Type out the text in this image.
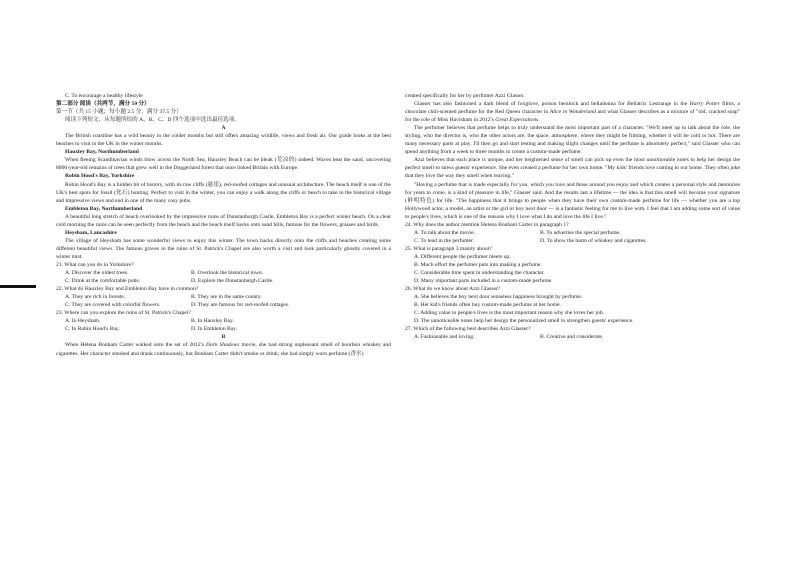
C. To encourage a healthy lifestyle
第二部分 阅读（共两节，满分 50 分）
第一节（共 15 小题；每小题 2.5 分，满分 37.5 分）
阅读下列短文，从每题所给的 A、B、C、D 四个选项中选出最佳选项。
A
The British coastline has a wild beauty in the colder months but still offers amazing wildlife, views and fresh air. Our guide looks at the best beaches to visit in the UK in the winter months.
Hauxley Bay, Northumberland
When fleeing Scandinavian winds blow across the North Sea, Hauxley Beach can be bleak (荒凉的) indeed. Waves beat the sand, uncovering 8000-year-old remains of trees that grew well in the Doggerland forest that once linked Britain with Europe.
Robin Hood's Bay, Yorkshire
Robin Hood's Bay is a hidden bit of history, with its raw cliffs (悬崖), red-roofed cottages and unusual architecture. The beach itself is one of the UK's best spots for fossil (化石) hunting. Perfect to visit in the winter, you can enjoy a walk along the cliffs or beach to take in the historical village and impressive views and end in one of the many cosy pubs.
Embleton Bay, Northumberland
A beautiful long stretch of beach overlooked by the impressive ruins of Dunstanburgh Castle, Embleton Bay is a perfect winter beach. On a clear cold morning the ruins can be seen perfectly from the beach and the beach itself backs onto sand hills, famous for the flowers, grasses and birds.
Heysham, Lancashire
The village of Heysham has some wonderful views to enjoy this winter. The town backs directly onto the cliffs and beaches creating some different beautiful views. The famous graves in the ruins of St. Patrick's Chapel are also worth a visit and look particularly ghostly covered in a winter mist.
21. What can you do in Yorkshire?
A. Discover the oldest trees.	B. Overlook the historical town.
C. Drink at the comfortable pubs.	D. Explore the Dunstanburgh Castle.
22. What do Hauxley Bay and Embleton Bay have in common?
A. They are rich in forests.	B. They are in the same county.
C. They are covered with colorful flowers.	D. They are famous for red-roofed cottages.
23. Where can you explore the ruins of St. Patrick's Chapel?
A. In Heysham.	B. In Hauxley Bay.
C. In Robin Hood's Bay.	D. In Embleton Bay.
B
When Helena Bonham Carter walked onto the set of 2012's Dark Shadows movie, she had strong unpleasant smell of bourbon whiskey and cigarettes. Her character smoked and drank continuously, but Bonham Carter didn't smoke or drink; she had simply worn perfume (香水)
created specifically for her by perfumer Azzi Glasser.
Glasser has also fashioned a dark blend of foxglove, poison hemlock and belladonna for Bellatrix Lestrange in the Harry Potter films, a chocolate chili-scented perfume for the Red Queen character in Alice in Wonderland and what Glasser describes as a mixture of "old, cracked soap" for the role of Miss Havisham in 2012's Great Expectations.
The perfumer believes that perfume helps to truly understand the most important part of a character. "We'll meet up to talk about the role, the styling, who the director is, who the other actors are, the space, atmosphere, where they might be filming, whether it will be cold or hot. There are many necessary parts at play. I'll then go and start testing and making slight changes until the perfume is absolutely perfect," said Glasser who can spend anything from a week to three months to create a custom-made perfume.
Azzi believes that each place is unique, and her heightened sense of smell can pick up even the most unnoticeable notes to help her design the perfect smell to stress guests' experience. She even created a perfume for her own home. "My kids' friends love coming to our home. They often joke that they love the way they smell when leaving."
"Having a perfume that is made especially for you, which you love and those around you enjoy and which creates a personal style and memories for years to come, is a kind of pleasure in life," Glasser said. And the results last a lifetime — the idea is that this smell will become your signature (鲜明特色) for life. "The happiness that it brings to people when they have their own custom-made perfume for life — whether you are a top Hollywood actor, a model, an artist or the girl or boy next door — is a fantastic feeling for me to live with. I feel that I am adding some sort of value to people's lives, which is one of the reasons why I love what I do and love the life I live."
24. Why does the author mention Helena Bonham Carter in paragraph 1?
A. To talk about the movie.	B. To advertise the special perfume.
C. To lead in the perfumer.	D. To show the harm of whiskey and cigarettes.
25. What is paragraph 3 mainly about?
A. Different people the perfumer meets up.
B. Much effort the perfumer puts into making a perfume.
C. Considerable time spent in understanding the character.
D. Many important parts included in a custom-made perfume.
26. What do we know about Azzi Glasser?
A. She believes the boy next door senseless happiness brought by perfume.
B. Her kid's friends often buy custom-made perfume at her home.
C. Adding value to people's lives is the most important reason why she loves her job.
D. The unnoticeable notes help her design the personalized smell to strengthen guests' experience.
27. Which of the following best describes Azzi Glasser?
A. Fashionable and loving.	B. Creative and considerate.
